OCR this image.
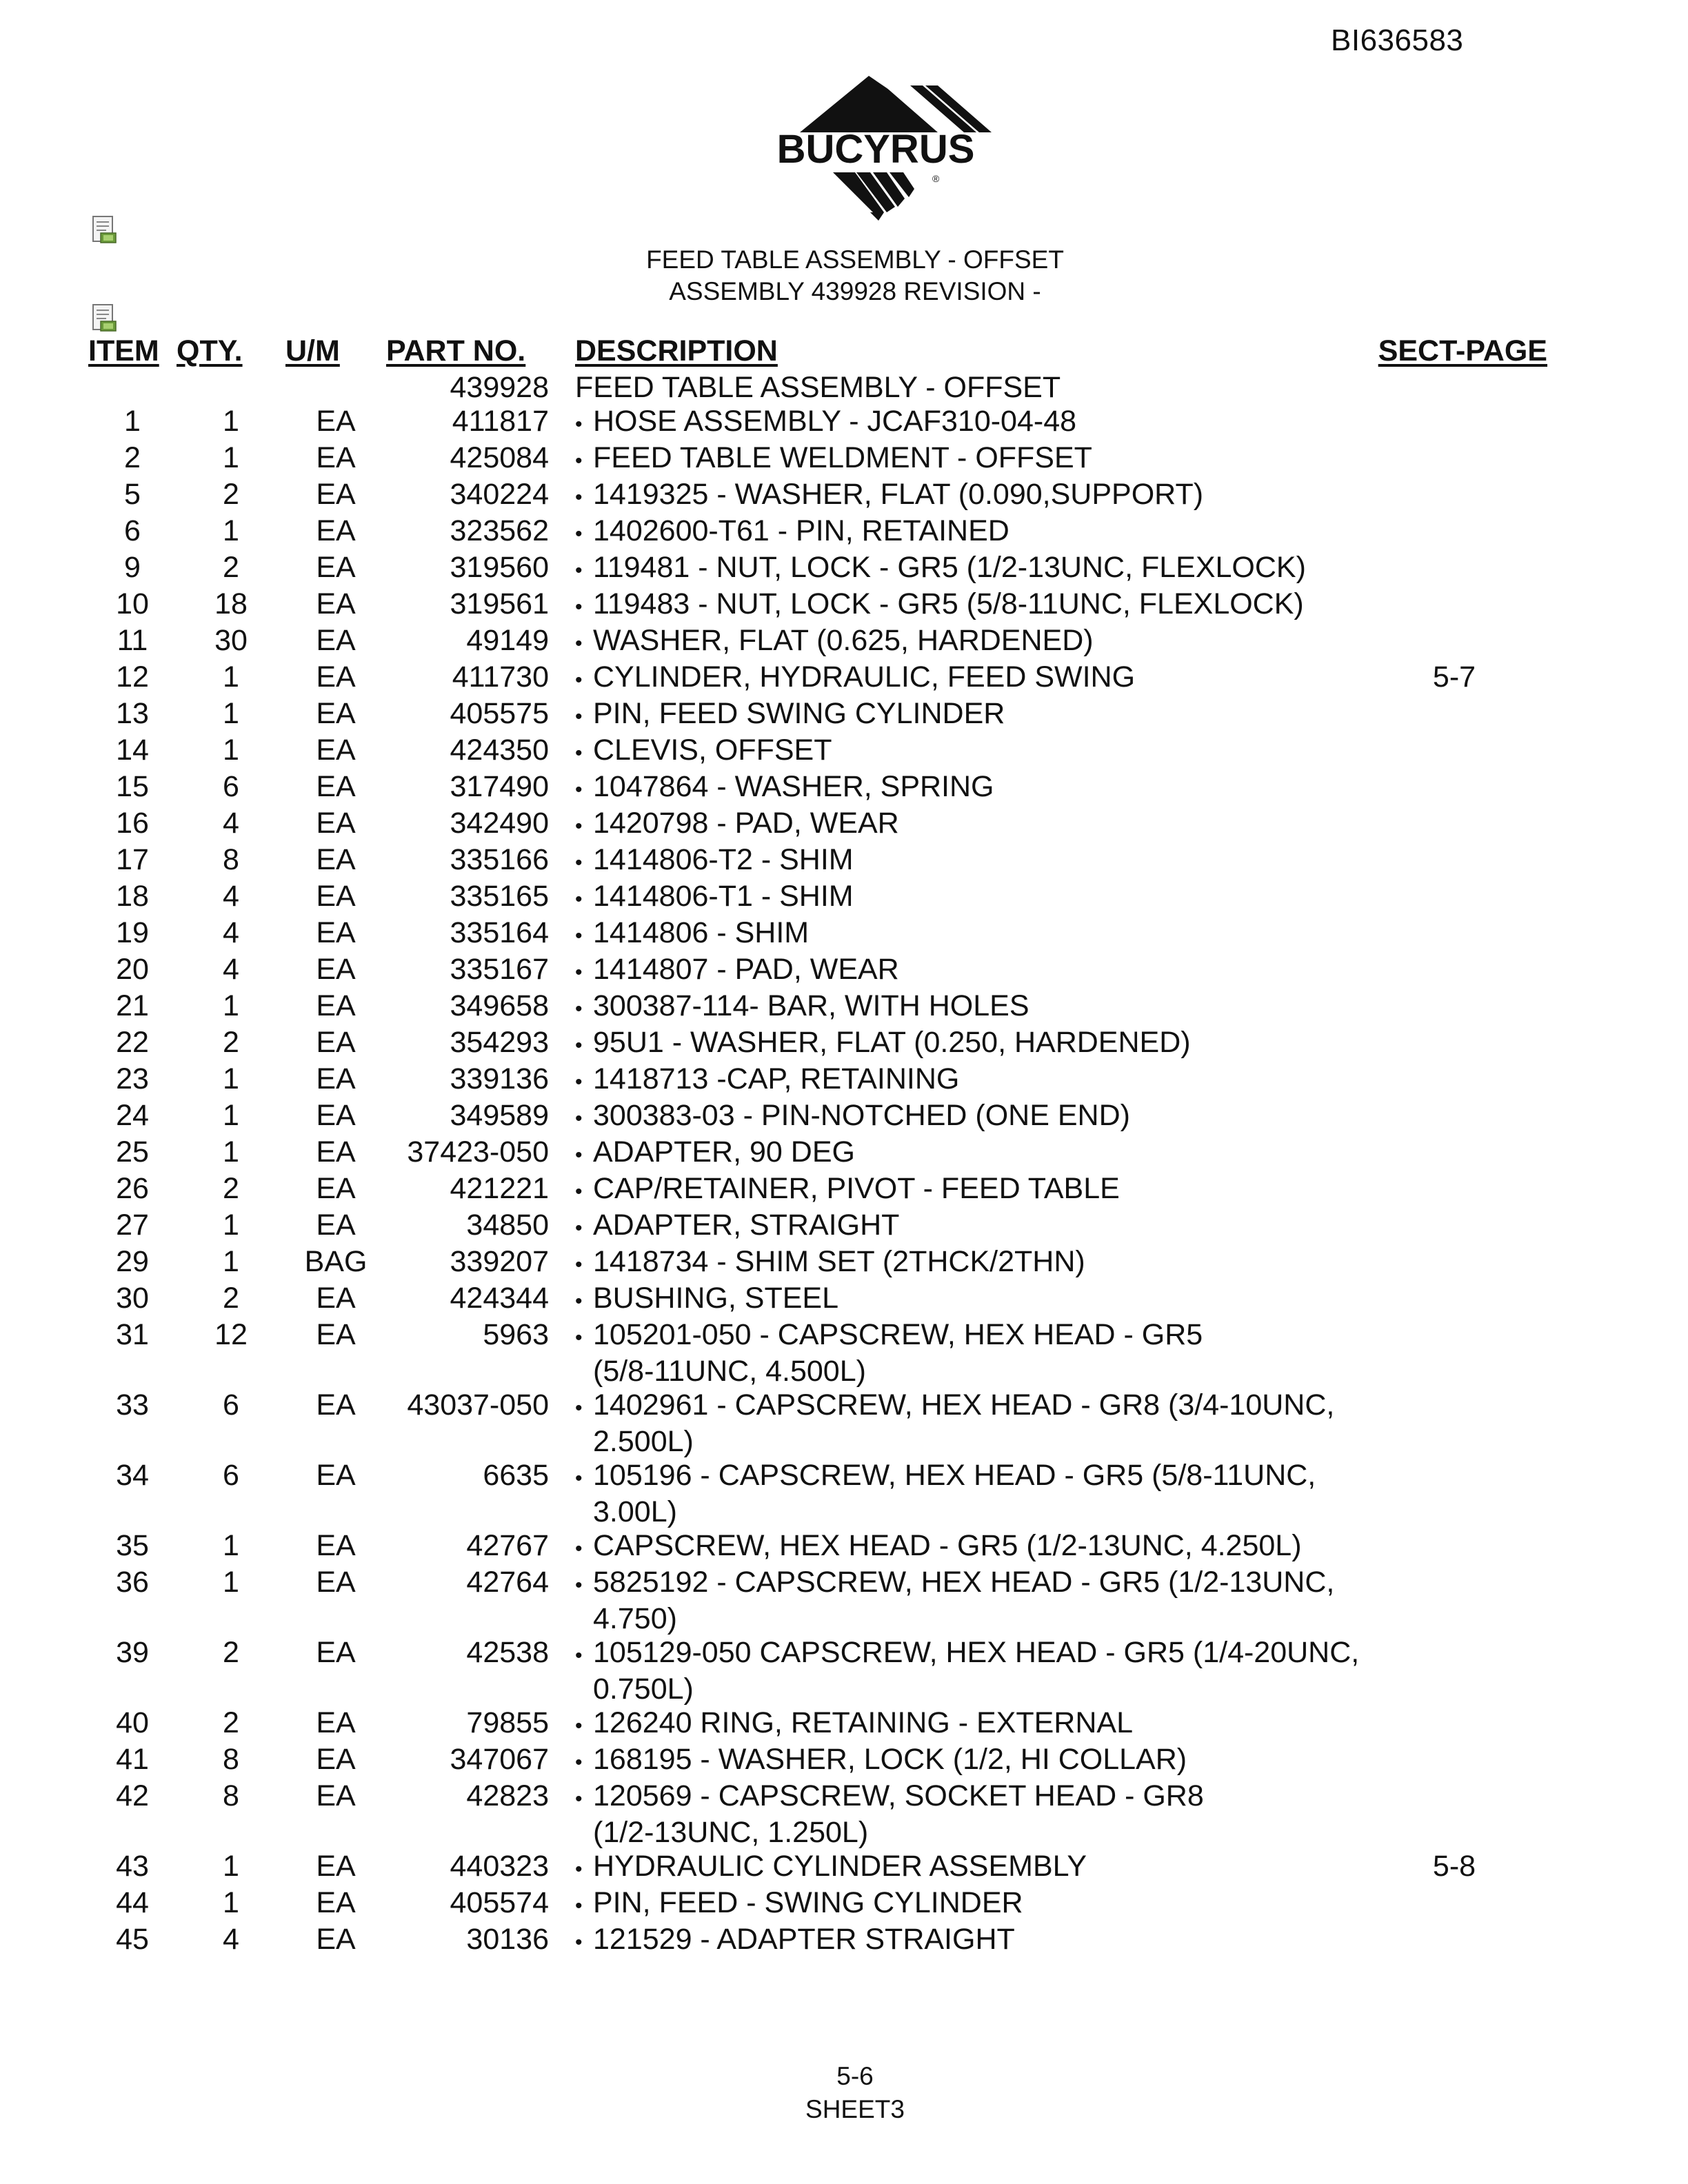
BI636583
BUCYRUS
®
FEED TABLE ASSEMBLY - OFFSET
ASSEMBLY 439928 REVISION -
ITEM	QTY.	U/M	PART NO.		DESCRIPTION	SECT-PAGE
			439928		FEED TABLE ASSEMBLY - OFFSET	
1	1	EA	411817		• HOSE ASSEMBLY - JCAF310-04-48	

2	1	EA	425084		• FEED TABLE WELDMENT - OFFSET	

5	2	EA	340224		• 1419325 - WASHER, FLAT (0.090,SUPPORT)	

6	1	EA	323562		• 1402600-T61 - PIN, RETAINED	

9	2	EA	319560		• 119481 - NUT, LOCK - GR5 (1/2-13UNC, FLEXLOCK)	

10	18	EA	319561		• 119483 - NUT, LOCK - GR5 (5/8-11UNC, FLEXLOCK)	

11	30	EA	49149		• WASHER, FLAT (0.625, HARDENED)	

12	1	EA	411730		• CYLINDER, HYDRAULIC, FEED SWING	5-7
13	1	EA	405575		• PIN, FEED SWING CYLINDER	

14	1	EA	424350		• CLEVIS, OFFSET	

15	6	EA	317490		• 1047864 - WASHER, SPRING	

16	4	EA	342490		• 1420798 - PAD, WEAR	

17	8	EA	335166		• 1414806-T2 - SHIM	

18	4	EA	335165		• 1414806-T1 - SHIM	

19	4	EA	335164		• 1414806 - SHIM	

20	4	EA	335167		• 1414807 - PAD, WEAR	

21	1	EA	349658		• 300387-114- BAR, WITH HOLES	

22	2	EA	354293		• 95U1 - WASHER, FLAT (0.250, HARDENED)	

23	1	EA	339136		• 1418713 -CAP, RETAINING	

24	1	EA	349589		• 300383-03 - PIN-NOTCHED (ONE END)	

25	1	EA	37423-050		• ADAPTER, 90 DEG	

26	2	EA	421221		• CAP/RETAINER, PIVOT - FEED TABLE	

27	1	EA	34850		• ADAPTER, STRAIGHT	

29	1	BAG	339207		• 1418734 - SHIM SET (2THCK/2THN)	

30	2	EA	424344		• BUSHING, STEEL	

31	12	EA	5963		• 105201-050 - CAPSCREW, HEX HEAD - GR5
(5/8-11UNC, 4.500L)	

33	6	EA	43037-050		• 1402961 - CAPSCREW, HEX HEAD - GR8 (3/4-10UNC,
2.500L)	

34	6	EA	6635		• 105196 - CAPSCREW, HEX HEAD - GR5 (5/8-11UNC,
3.00L)	

35	1	EA	42767		• CAPSCREW, HEX HEAD - GR5 (1/2-13UNC, 4.250L)	

36	1	EA	42764		• 5825192 - CAPSCREW, HEX HEAD - GR5 (1/2-13UNC,
4.750)	

39	2	EA	42538		• 105129-050 CAPSCREW, HEX HEAD - GR5 (1/4-20UNC,
0.750L)	

40	2	EA	79855		• 126240 RING, RETAINING - EXTERNAL	

41	8	EA	347067		• 168195 - WASHER, LOCK (1/2, HI COLLAR)	

42	8	EA	42823		• 120569 - CAPSCREW, SOCKET HEAD - GR8
(1/2-13UNC, 1.250L)	

43	1	EA	440323		• HYDRAULIC CYLINDER ASSEMBLY	5-8
44	1	EA	405574		• PIN, FEED - SWING CYLINDER	

45	4	EA	30136		• 121529 - ADAPTER STRAIGHT	

5-6
SHEET3
